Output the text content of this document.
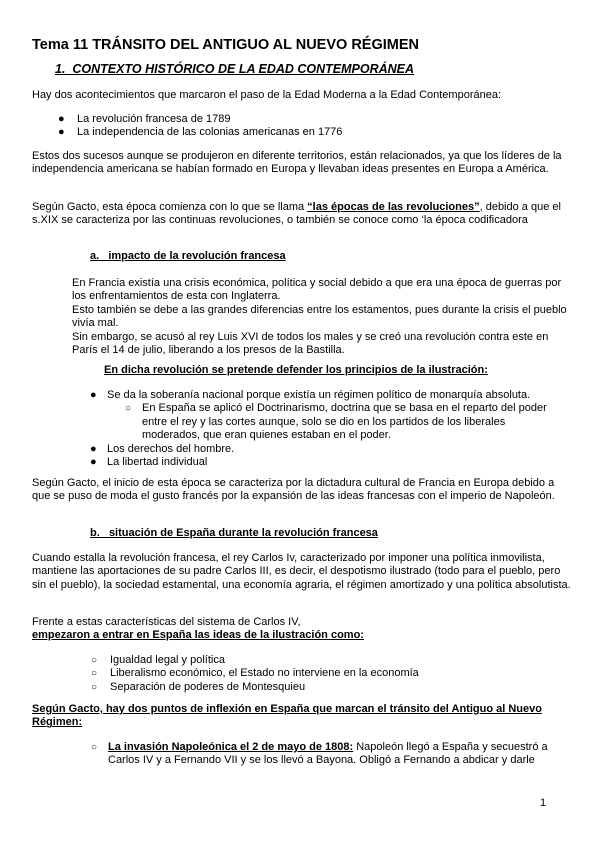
Tema 11 TRÁNSITO DEL ANTIGUO AL NUEVO RÉGIMEN
1.  CONTEXTO HISTÓRICO DE LA EDAD CONTEMPORÁNEA
Hay dos acontecimientos que marcaron el paso de la Edad Moderna a la Edad Contemporánea:
● La revolución francesa de 1789
● La independencia de las colonias americanas en 1776
Estos dos sucesos aunque se produjeron en diferente territorios, están relacionados, ya que los líderes de la independencia americana se habían formado en Europa y llevaban ideas presentes en Europa a América.
Según Gacto, esta época comienza con lo que se llama “las épocas de las revoluciones”, debido a que el s.XIX se caracteriza por las continuas revoluciones, o también se conoce como ‘la época codificadora
a.   impacto de la revolución francesa
En Francia existía una crisis económica, política y social debido a que era una época de guerras por los enfrentamientos de esta con Inglaterra.
Esto también se debe a las grandes diferencias entre los estamentos, pues durante la crisis el pueblo vivía mal.
Sin embargo, se acusó al rey Luis XVI de todos los males y se creó una revolución contra este en París el 14 de julio, liberando a los presos de la Bastilla.
En dicha revolución se pretende defender los principios de la ilustración:
● Se da la soberanía nacional porque existía un régimen político de monarquía absoluta.
○ En España se aplicó el Doctrinarismo, doctrina que se basa en el reparto del poder entre el rey y las cortes aunque, solo se dio en los partidos de los liberales moderados, que eran quienes estaban en el poder.
● Los derechos del hombre.
● La libertad individual
Según Gacto, el inicio de esta época se caracteriza por la dictadura cultural de Francia en Europa debido a que se puso de moda el gusto francés por la expansión de las ideas francesas con el imperio de Napoleón.
b.   situación de España durante la revolución francesa
Cuando estalla la revolución francesa, el rey Carlos Iv, caracterizado por imponer una política inmovilista, mantiene las aportaciones de su padre Carlos III, es decir, el despotismo ilustrado (todo para el pueblo, pero sin el pueblo), la sociedad estamental, una economía agraria, el régimen amortizado y una política absolutista.
Frente a estas características del sistema de Carlos IV,
empezaron a entrar en España las ideas de la ilustración como:
○ Igualdad legal y política
○ Liberalismo económico, el Estado no interviene en la economía
○ Separación de poderes de Montesquieu
Según Gacto, hay dos puntos de inflexión en España que marcan el tránsito del Antiguo al Nuevo Régimen:
○ La invasión Napoleónica el 2 de mayo de 1808: Napoleón llegó a España y secuestró a Carlos IV y a Fernando VII y se los llevó a Bayona. Obligó a Fernando a abdicar y darle
1
